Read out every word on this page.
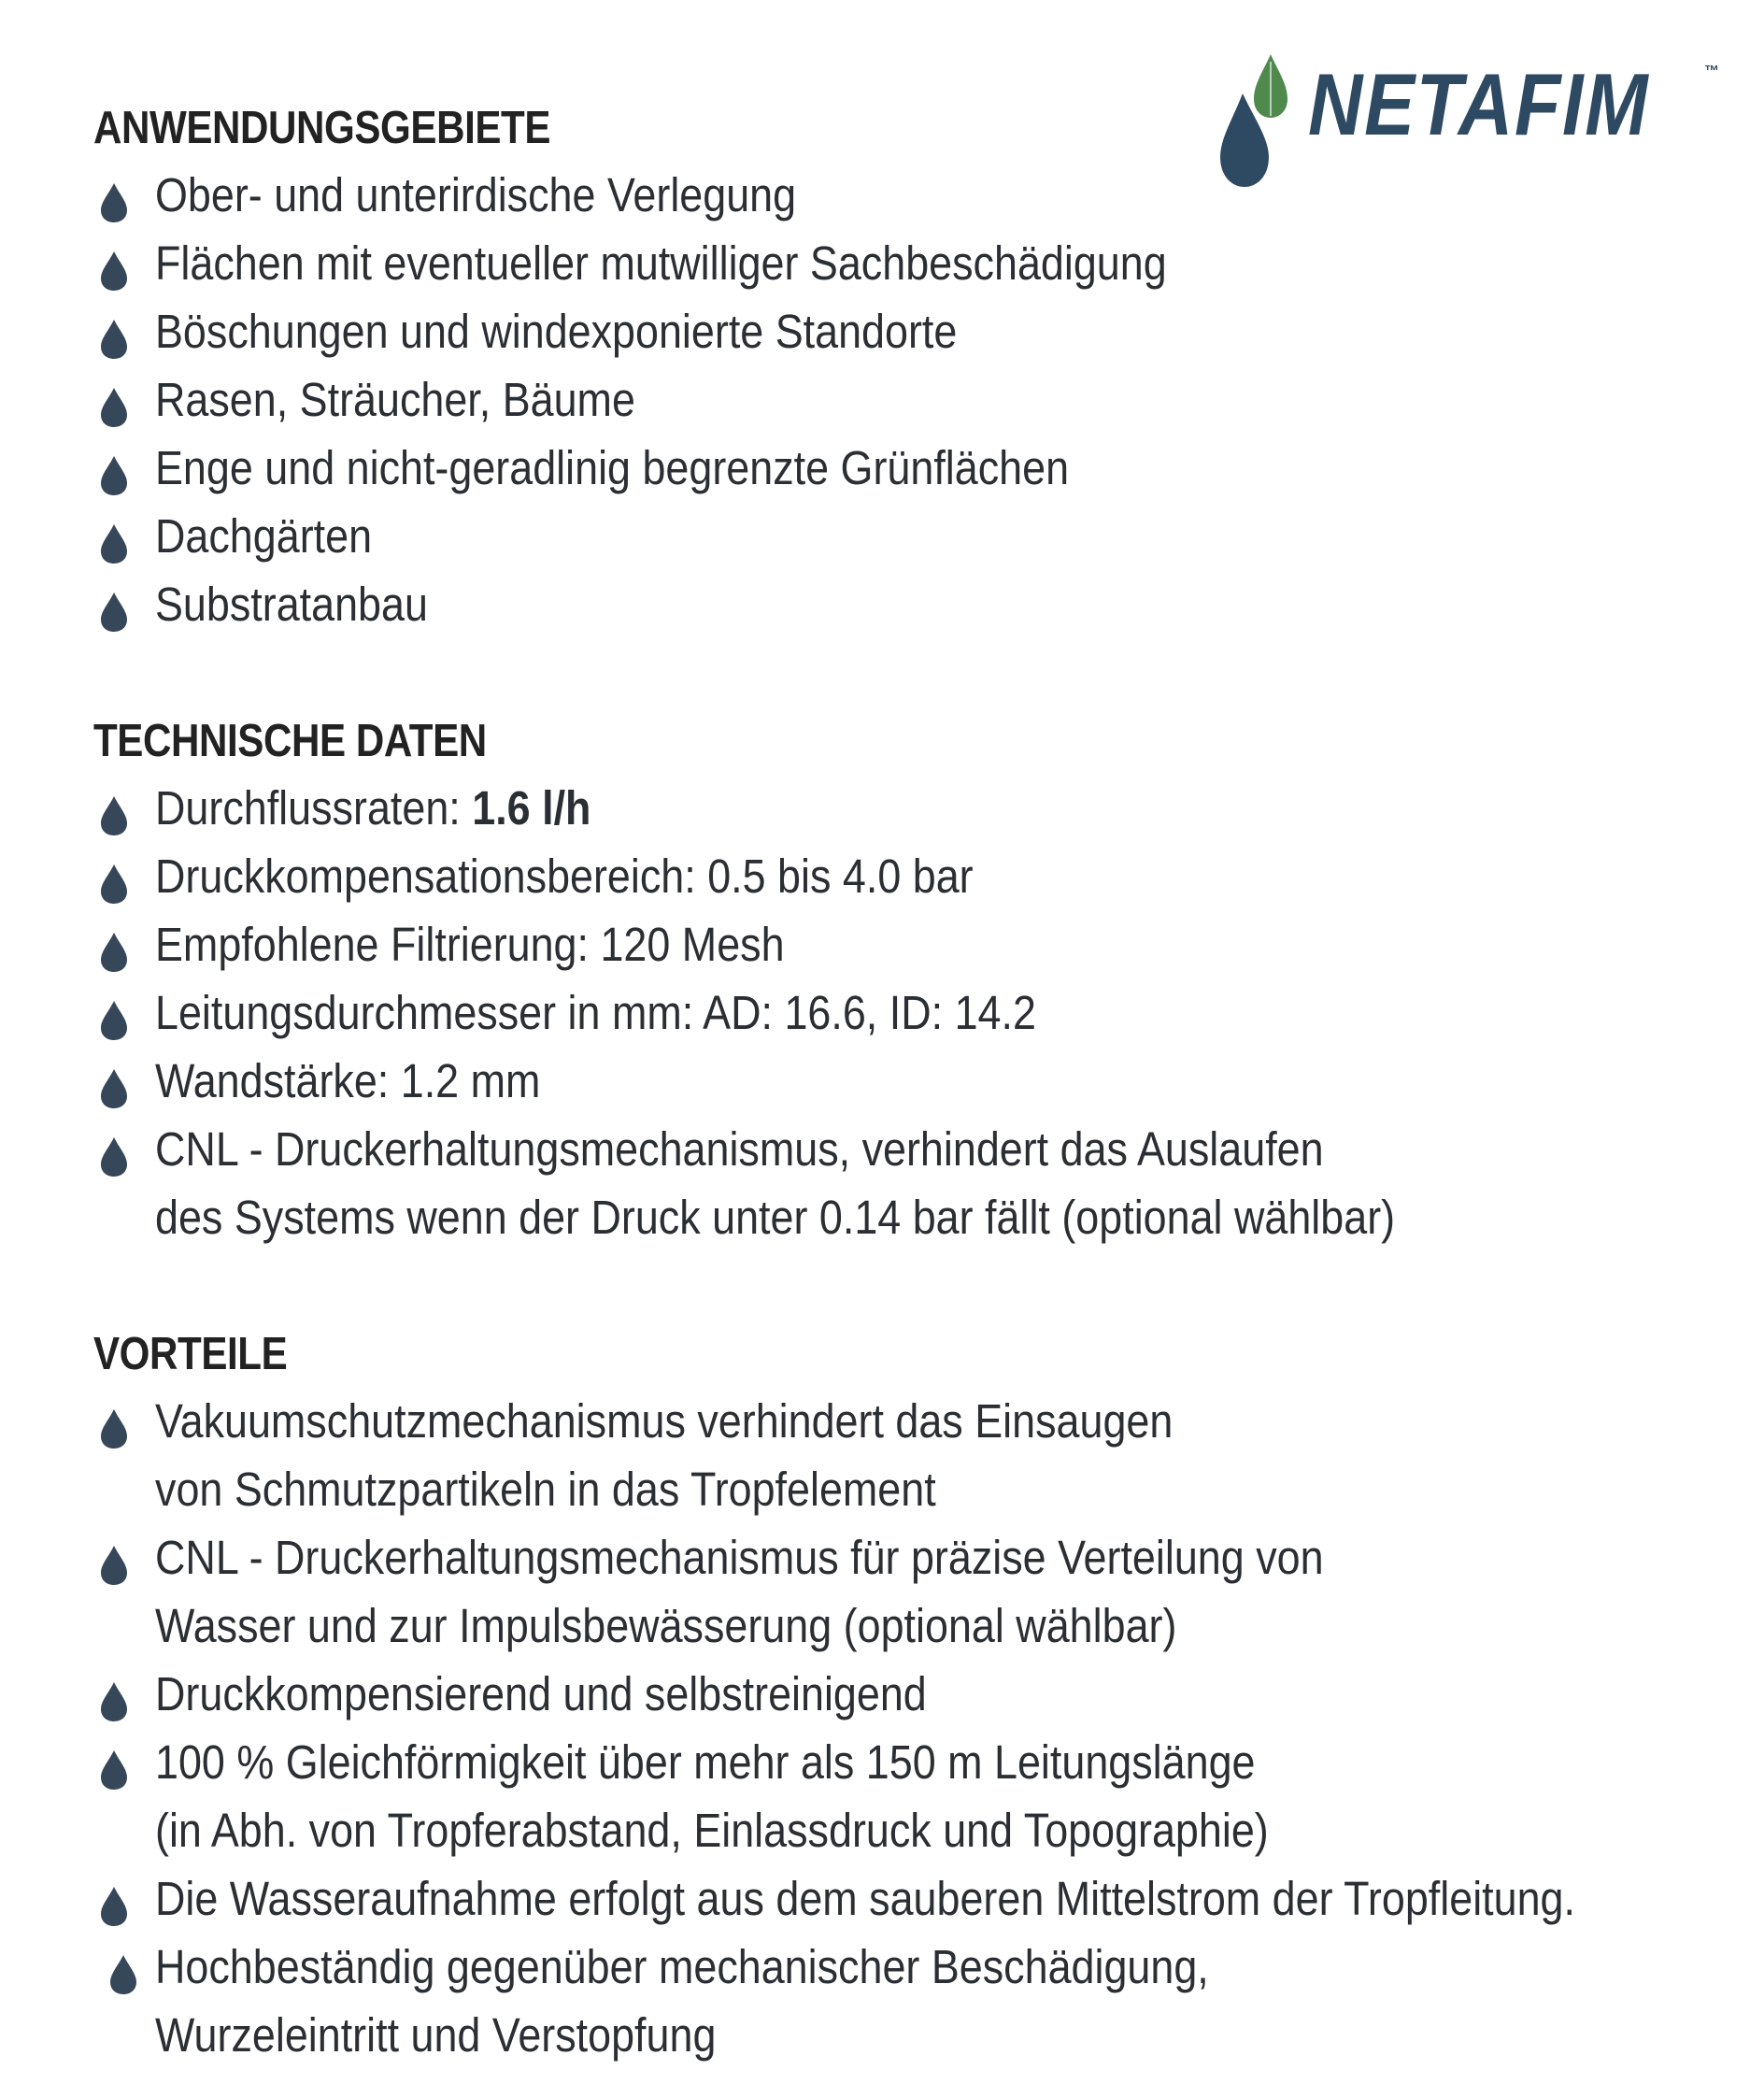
NETAFIM	™
ANWENDUNGSGEBIETE
Ober- und unterirdische Verlegung
Flächen mit eventueller mutwilliger Sachbeschädigung
Böschungen und windexponierte Standorte
Rasen, Sträucher, Bäume
Enge und nicht-geradlinig begrenzte Grünflächen
Dachgärten
Substratanbau
TECHNISCHE DATEN
Durchflussraten: 1.6 l/h
Druckkompensationsbereich: 0.5 bis 4.0 bar
Empfohlene Filtrierung: 120 Mesh
Leitungsdurchmesser in mm: AD: 16.6, ID: 14.2
Wandstärke: 1.2 mm
CNL - Druckerhaltungsmechanismus, verhindert das Auslaufen
des Systems wenn der Druck unter 0.14 bar fällt (optional wählbar)
VORTEILE
Vakuumschutzmechanismus verhindert das Einsaugen
von Schmutzpartikeln in das Tropfelement
CNL - Druckerhaltungsmechanismus für präzise Verteilung von
Wasser und zur Impulsbewässerung (optional wählbar)
Druckkompensierend und selbstreinigend
100 % Gleichförmigkeit über mehr als 150 m Leitungslänge
(in Abh. von Tropferabstand, Einlassdruck und Topographie)
Die Wasseraufnahme erfolgt aus dem sauberen Mittelstrom der Tropfleitung.
Hochbeständig gegenüber mechanischer Beschädigung,
Wurzeleintritt und Verstopfung
